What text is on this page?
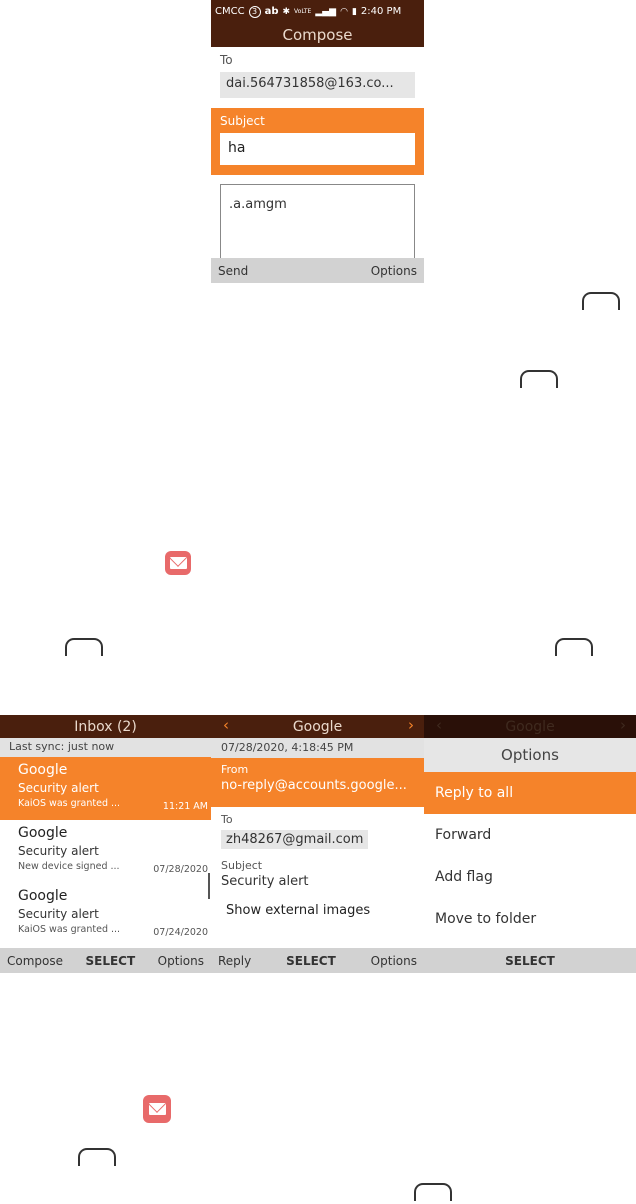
CMCC 3 ab ✱ VoLTE ▂▄▆ ◠ ▮ 2:40 PM
Compose
To
dai.564731858@163.co...
Subject
ha
.a.amgm
Send	Options
Inbox (2)
Last sync: just now
Google
Security alert
KaiOS was granted ...	11:21 AM
Google
Security alert
New device signed ...	07/28/2020
Google
Security alert
KaiOS was granted ...	07/24/2020
Compose SELECT Options
‹	Google	›
07/28/2020, 4:18:45 PM
From
no-reply@accounts.google...
To
zh48267@gmail.com
Subject
Security alert
Show external images
Reply	SELECT	Options
‹	Google	›
Options
Reply to all
Forward
Add flag
Move to folder
SELECT
